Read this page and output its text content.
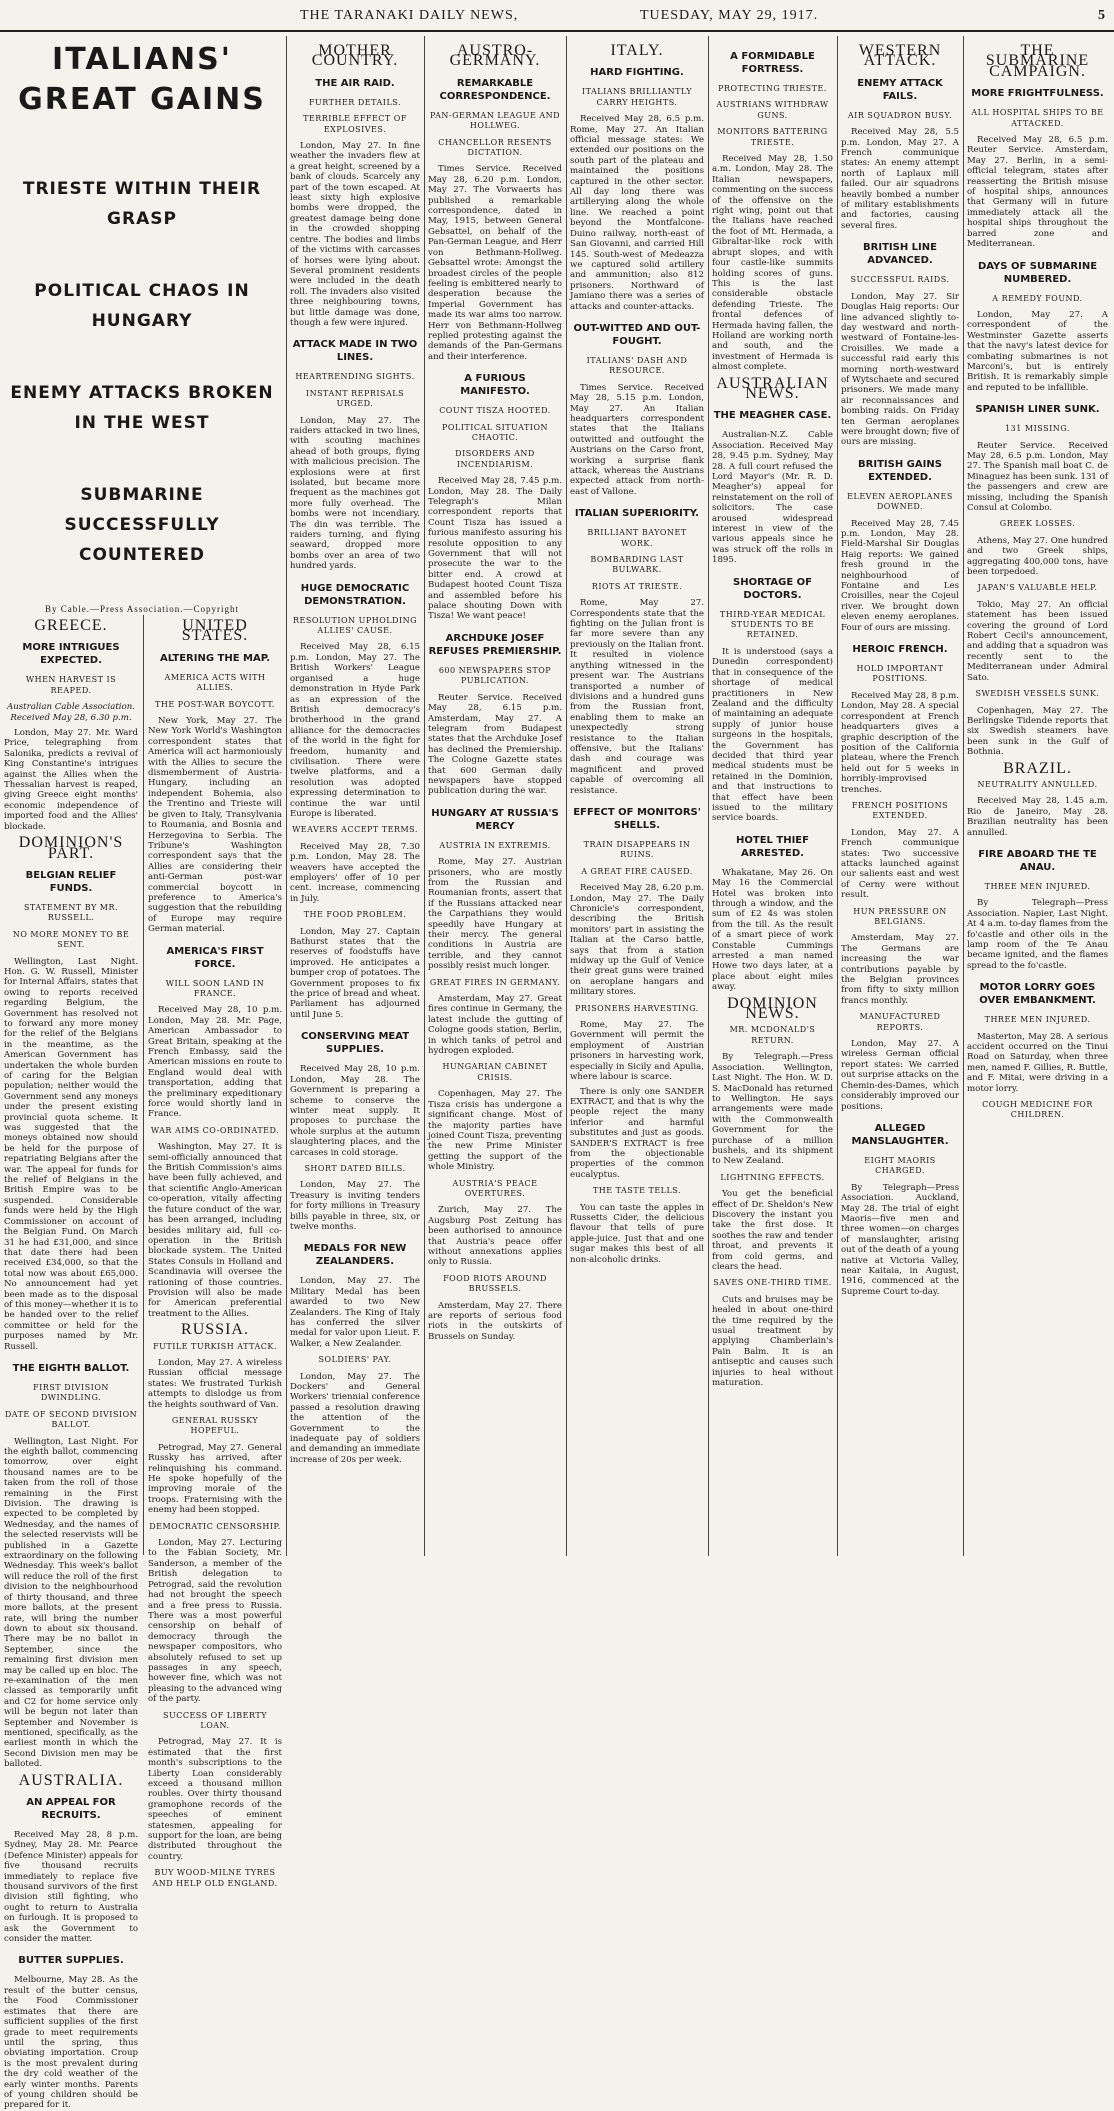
THE TARANAKI DAILY NEWS,	TUESDAY, MAY 29, 1917.	5
ITALIANS' GREAT GAINS
TRIESTE WITHIN THEIR GRASP
POLITICAL CHAOS IN HUNGARY
ENEMY ATTACKS BROKEN IN THE WEST
SUBMARINE SUCCESSFULLY COUNTERED
By Cable.—Press Association.—Copyright
GREECE.
MORE INTRIGUES EXPECTED.
WHEN HARVEST IS REAPED.
Australian Cable Association. Received May 28, 6.30 p.m.

London, May 27. Mr. Ward Price, telegraphing from Salonika, predicts a revival of King Constantine's intrigues against the Allies when the Thessalian harvest is reaped, giving Greece eight months' economic independence of imported food and the Allies' blockade.

DOMINION'S PART.
BELGIAN RELIEF FUNDS.
STATEMENT BY MR. RUSSELL.
NO MORE MONEY TO BE SENT.

Wellington, Last Night. Hon. G. W. Russell, Minister for Internal Affairs, states that owing to reports received regarding Belgium, the Government has resolved not to forward any more money for the relief of the Belgians in the meantime, as the American Government has undertaken the whole burden of caring for the Belgian population; neither would the Government send any moneys under the present existing provincial quota scheme. It was suggested that the moneys obtained now should be held for the purpose of repatriating Belgians after the war. The appeal for funds for the relief of Belgians in the British Empire was to be suspended. Considerable funds were held by the High Commissioner on account of the Belgian Fund. On March 31 he had £31,000, and since that date there had been received £34,000, so that the total now was about £65,000. No announcement had yet been made as to the disposal of this money—whether it is to be handed over to the relief committee or held for the purposes named by Mr. Russell.

THE EIGHTH BALLOT.
FIRST DIVISION DWINDLING.
DATE OF SECOND DIVISION BALLOT.

Wellington, Last Night. For the eighth ballot, commencing tomorrow, over eight thousand names are to be taken from the roll of those remaining in the First Division. The drawing is expected to be completed by Wednesday, and the names of the selected reservists will be published in a Gazette extraordinary on the following Wednesday. This week's ballot will reduce the roll of the first division to the neighbourhood of thirty thousand, and three more ballots, at the present rate, will bring the number down to about six thousand. There may be no ballot in September, since the remaining first division men may be called up en bloc. The re-examination of the men classed as temporarily unfit and C2 for home service only will be begun not later than September and November is mentioned, specifically, as the earliest month in which the Second Division men may be balloted.

AUSTRALIA.
AN APPEAL FOR RECRUITS.

Received May 28, 8 p.m. Sydney, May 28. Mr. Pearce (Defence Minister) appeals for five thousand recruits immediately to replace five thousand survivors of the first division still fighting, who ought to return to Australia on furlough. It is proposed to ask the Government to consider the matter.

BUTTER SUPPLIES.

Melbourne, May 28. As the result of the butter census, the Food Commissioner estimates that there are sufficient supplies of the first grade to meet requirements until the spring, thus obviating importation. Croup is the most prevalent during the dry cold weather of the early winter months. Parents of young children should be prepared for it.

UNITED STATES.
ALTERING THE MAP.
AMERICA ACTS WITH ALLIES.
THE POST-WAR BOYCOTT.

New York, May 27. The New York World's Washington correspondent states that America will act harmoniously with the Allies to secure the dismemberment of Austria-Hungary, including an independent Bohemia, also the Trentino and Trieste will be given to Italy, Transylvania to Roumania, and Bosnia and Herzegovina to Serbia. The Tribune's Washington correspondent says that the Allies are considering their anti-German post-war commercial boycott in preference to America's suggestion that the rebuilding of Europe may require German material.

AMERICA'S FIRST FORCE.
WILL SOON LAND IN FRANCE.

Received May 28, 10 p.m. London, May 28. Mr. Page, American Ambassador to Great Britain, speaking at the French Embassy, said the American missions en route to England would deal with transportation, adding that the preliminary expeditionary force would shortly land in France.

WAR AIMS CO-ORDINATED.

Washington, May 27. It is semi-officially announced that the British Commission's aims have been fully achieved, and that scientific Anglo-American co-operation, vitally affecting the future conduct of the war, has been arranged, including besides military aid, full co-operation in the British blockade system. The United States Consuls in Holland and Scandinavia will oversee the rationing of those countries. Provision will also be made for American preferential treatment to the Allies.

RUSSIA.
FUTILE TURKISH ATTACK.

London, May 27. A wireless Russian official message states: We frustrated Turkish attempts to dislodge us from the heights southward of Van.

GENERAL RUSSKY HOPEFUL.

Petrograd, May 27. General Russky has arrived, after relinquishing his command. He spoke hopefully of the improving morale of the troops. Fraternising with the enemy had been stopped.

DEMOCRATIC CENSORSHIP.

London, May 27. Lecturing to the Fabian Society, Mr. Sanderson, a member of the British delegation to Petrograd, said the revolution had not brought the speech and a free press to Russia. There was a most powerful censorship on behalf of democracy through the newspaper compositors, who absolutely refused to set up passages in any speech, however fine, which was not pleasing to the advanced wing of the party.

SUCCESS OF LIBERTY LOAN.

Petrograd, May 27. It is estimated that the first month's subscriptions to the Liberty Loan considerably exceed a thousand million roubles. Over thirty thousand gramophone records of the speeches of eminent statesmen, appealing for support for the loan, are being distributed throughout the country.

BUY WOOD-MILNE TYRES AND HELP OLD ENGLAND.
MOTHER COUNTRY.
THE AIR RAID.
FURTHER DETAILS.
TERRIBLE EFFECT OF EXPLOSIVES.

London, May 27. In fine weather the invaders flew at a great height, screened by a bank of clouds. Scarcely any part of the town escaped. At least sixty high explosive bombs were dropped, the greatest damage being done in the crowded shopping centre. The bodies and limbs of the victims with carcasses of horses were lying about. Several prominent residents were included in the death roll. The invaders also visited three neighbouring towns, but little damage was done, though a few were injured.

ATTACK MADE IN TWO LINES.
HEARTRENDING SIGHTS.
INSTANT REPRISALS URGED.

London, May 27. The raiders attacked in two lines, with scouting machines ahead of both groups, flying with malicious precision. The explosions were at first isolated, but became more frequent as the machines got more fully overhead. The bombs were not incendiary. The din was terrible. The raiders turning, and flying seaward, dropped more bombs over an area of two hundred yards.

HUGE DEMOCRATIC DEMONSTRATION.
RESOLUTION UPHOLDING ALLIES' CAUSE.

Received May 28, 6.15 p.m. London, May 27. The British Workers' League organised a huge demonstration in Hyde Park as an expression of the British democracy's brotherhood in the grand alliance for the democracies of the world in the fight for freedom, humanity and civilisation. There were twelve platforms, and a resolution was adopted expressing determination to continue the war until Europe is liberated.

WEAVERS ACCEPT TERMS.

Received May 28, 7.30 p.m. London, May 28. The weavers have accepted the employers' offer of 10 per cent. increase, commencing in July.

THE FOOD PROBLEM.

London, May 27. Captain Bathurst states that the reserves of foodstuffs have improved. He anticipates a bumper crop of potatoes. The Government proposes to fix the price of bread and wheat. Parliament has adjourned until June 5.

CONSERVING MEAT SUPPLIES.

Received May 28, 10 p.m. London, May 28. The Government is preparing a scheme to conserve the winter meat supply. It proposes to purchase the whole surplus at the autumn slaughtering places, and the carcases in cold storage.

SHORT DATED BILLS.

London, May 27. The Treasury is inviting tenders for forty millions in Treasury bills payable in three, six, or twelve months.

MEDALS FOR NEW ZEALANDERS.

London, May 27. The Military Medal has been awarded to two New Zealanders. The King of Italy has conferred the silver medal for valor upon Lieut. F. Walker, a New Zealander.

SOLDIERS' PAY.

London, May 27. The Dockers' and General Workers' triennial conference passed a resolution drawing the attention of the Government to the inadequate pay of soldiers and demanding an immediate increase of 20s per week.

AUSTRO-GERMANY.
REMARKABLE CORRESPONDENCE.
PAN-GERMAN LEAGUE AND HOLLWEG.
CHANCELLOR RESENTS DICTATION.

Times Service. Received May 28, 6.20 p.m. London, May 27. The Vorwaerts has published a remarkable correspondence, dated in May, 1915, between General Gebsattel, on behalf of the Pan-German League, and Herr von Bethmann-Hollweg. Gebsattel wrote: Amongst the broadest circles of the people feeling is embittered nearly to desperation because the Imperial Government has made its war aims too narrow. Herr von Bethmann-Hollweg replied protesting against the demands of the Pan-Germans and their interference.

A FURIOUS MANIFESTO.
COUNT TISZA HOOTED.
POLITICAL SITUATION CHAOTIC.
DISORDERS AND INCENDIARISM.

Received May 28, 7.45 p.m. London, May 28. The Daily Telegraph's Milan correspondent reports that Count Tisza has issued a furious manifesto assuring his resolute opposition to any Government that will not prosecute the war to the bitter end. A crowd at Budapest hooted Count Tisza and assembled before his palace shouting Down with Tisza! We want peace!

ARCHDUKE JOSEF REFUSES PREMIERSHIP.
600 NEWSPAPERS STOP PUBLICATION.

Reuter Service. Received May 28, 6.15 p.m. Amsterdam, May 27. A telegram from Budapest states that the Archduke Josef has declined the Premiership. The Cologne Gazette states that 600 German daily newspapers have stopped publication during the war.

HUNGARY AT RUSSIA'S MERCY
AUSTRIA IN EXTREMIS.

Rome, May 27. Austrian prisoners, who are mostly from the Russian and Roumanian fronts, assert that if the Russians attacked near the Carpathians they would speedily have Hungary at their mercy. The general conditions in Austria are terrible, and they cannot possibly resist much longer.

GREAT FIRES IN GERMANY.

Amsterdam, May 27. Great fires continue in Germany, the latest include the gutting of Cologne goods station, Berlin, in which tanks of petrol and hydrogen exploded.

HUNGARIAN CABINET CRISIS.

Copenhagen, May 27. The Tisza crisis has undergone a significant change. Most of the majority parties have joined Count Tisza, preventing the new Prime Minister getting the support of the whole Ministry.

AUSTRIA'S PEACE OVERTURES.

Zurich, May 27. The Augsburg Post Zeitung has been authorised to announce that Austria's peace offer without annexations applies only to Russia.

FOOD RIOTS AROUND BRUSSELS.

Amsterdam, May 27. There are reports of serious food riots in the outskirts of Brussels on Sunday.

ITALY.
HARD FIGHTING.
ITALIANS BRILLIANTLY CARRY HEIGHTS.

Received May 28, 6.5 p.m. Rome, May 27. An Italian official message states: We extended our positions on the south part of the plateau and maintained the positions captured in the other sector. All day long there was artillerying along the whole line. We reached a point beyond the Montfalcone-Duino railway, north-east of San Giovanni, and carried Hill 145. South-west of Medeazza we captured solid artillery and ammunition; also 812 prisoners. Northward of Jamiano there was a series of attacks and counter-attacks.

OUT-WITTED AND OUT-FOUGHT.
ITALIANS' DASH AND RESOURCE.

Times Service. Received May 28, 5.15 p.m. London, May 27. An Italian headquarters correspondent states that the Italians outwitted and outfought the Austrians on the Carso front, working a surprise flank attack, whereas the Austrians expected attack from north-east of Vallone.

ITALIAN SUPERIORITY.
BRILLIANT BAYONET WORK.
BOMBARDING LAST BULWARK.
RIOTS AT TRIESTE.

Rome, May 27. Correspondents state that the fighting on the Julian front is far more severe than any previously on the Italian front. It resulted in violence anything witnessed in the present war. The Austrians transported a number of divisions and a hundred guns from the Russian front, enabling them to make an unexpectedly strong resistance to the Italian offensive, but the Italians' dash and courage was magnificent and proved capable of overcoming all resistance.

EFFECT OF MONITORS' SHELLS.
TRAIN DISAPPEARS IN RUINS.
A GREAT FIRE CAUSED.

Received May 28, 6.20 p.m. London, May 27. The Daily Chronicle's correspondent, describing the British monitors' part in assisting the Italian at the Carso battle, says that from a station midway up the Gulf of Venice their great guns were trained on aeroplane hangars and military stores.

PRISONERS HARVESTING.

Rome, May 27. The Government will permit the employment of Austrian prisoners in harvesting work, especially in Sicily and Apulia, where labour is scarce.

There is only one SANDER EXTRACT, and that is why the people reject the many inferior and harmful substitutes and just as goods. SANDER'S EXTRACT is free from the objectionable properties of the common eucalyptus.

THE TASTE TELLS.

You can taste the apples in Russetts Cider, the delicious flavour that tells of pure apple-juice. Just that and one sugar makes this best of all non-alcoholic drinks.

A FORMIDABLE FORTRESS.
PROTECTING TRIESTE.
AUSTRIANS WITHDRAW GUNS.
MONITORS BATTERING TRIESTE.

Received May 28, 1.50 a.m. London, May 28. The Italian newspapers, commenting on the success of the offensive on the right wing, point out that the Italians have reached the foot of Mt. Hermada, a Gibraltar-like rock with abrupt slopes, and with four castle-like summits holding scores of guns. This is the last considerable obstacle defending Trieste. The frontal defences of Hermada having fallen, the Holland are working north and south, and the investment of Hermada is almost complete.

AUSTRALIAN NEWS.
THE MEAGHER CASE.

Australian-N.Z. Cable Association. Received May 28, 9.45 p.m. Sydney, May 28. A full court refused the Lord Mayor's (Mr. R. D. Meagher's) appeal for reinstatement on the roll of solicitors. The case aroused widespread interest in view of the various appeals since he was struck off the rolls in 1895.

SHORTAGE OF DOCTORS.
THIRD-YEAR MEDICAL STUDENTS TO BE RETAINED.

It is understood (says a Dunedin correspondent) that in consequence of the shortage of medical practitioners in New Zealand and the difficulty of maintaining an adequate supply of junior house surgeons in the hospitals, the Government has decided that third year medical students must be retained in the Dominion, and that instructions to that effect have been issued to the military service boards.

HOTEL THIEF ARRESTED.

Whakatane, May 26. On May 16 the Commercial Hotel was broken into through a window, and the sum of £2 4s was stolen from the till. As the result of a smart piece of work Constable Cummings arrested a man named Howe two days later, at a place about eight miles away.

DOMINION NEWS.
MR. MCDONALD'S RETURN.

By Telegraph.—Press Association. Wellington, Last Night. The Hon. W. D. S. MacDonald has returned to Wellington. He says arrangements were made with the Commonwealth Government for the purchase of a million bushels, and its shipment to New Zealand.

LIGHTNING EFFECTS.

You get the beneficial effect of Dr. Sheldon's New Discovery the instant you take the first dose. It soothes the raw and tender throat, and prevents it from cold germs, and clears the head.

SAVES ONE-THIRD TIME.

Cuts and bruises may be healed in about one-third the time required by the usual treatment by applying Chamberlain's Pain Balm. It is an antiseptic and causes such injuries to heal without maturation.

WESTERN ATTACK.
ENEMY ATTACK FAILS.
AIR SQUADRON BUSY.

Received May 28, 5.5 p.m. London, May 27. A French communique states: An enemy attempt north of Laplaux mill failed. Our air squadrons heavily bombed a number of military establishments and factories, causing several fires.

BRITISH LINE ADVANCED.
SUCCESSFUL RAIDS.

London, May 27. Sir Douglas Haig reports: Our line advanced slightly to-day westward and north-westward of Fontaine-les-Croisilles. We made a successful raid early this morning north-westward of Wytschaete and secured prisoners. We made many air reconnaissances and bombing raids. On Friday ten German aeroplanes were brought down; five of ours are missing.

BRITISH GAINS EXTENDED.
ELEVEN AEROPLANES DOWNED.

Received May 28, 7.45 p.m. London, May 28. Field-Marshal Sir Douglas Haig reports: We gained fresh ground in the neighbourhood of Fontaine and Les Croisilles, near the Cojeul river. We brought down eleven enemy aeroplanes. Four of ours are missing.

HEROIC FRENCH.
HOLD IMPORTANT POSITIONS.

Received May 28, 8 p.m. London, May 28. A special correspondent at French headquarters gives a graphic description of the position of the California plateau, where the French held out for 5 weeks in horribly-improvised trenches.

FRENCH POSITIONS EXTENDED.

London, May 27. A French communique states: Two successive attacks launched against our salients east and west of Cerny were without result.

HUN PRESSURE ON BELGIANS.

Amsterdam, May 27. The Germans are increasing the war contributions payable by the Belgian provinces from fifty to sixty million francs monthly.

MANUFACTURED REPORTS.

London, May 27. A wireless German official report states: We carried out surprise attacks on the Chemin-des-Dames, which considerably improved our positions.

ALLEGED MANSLAUGHTER.
EIGHT MAORIS CHARGED.

By Telegraph—Press Association. Auckland, May 28. The trial of eight Maoris—five men and three women—on charges of manslaughter, arising out of the death of a young native at Victoria Valley, near Kaitaia, in August, 1916, commenced at the Supreme Court to-day.

THE SUBMARINE CAMPAIGN.
MORE FRIGHTFULNESS.
ALL HOSPITAL SHIPS TO BE ATTACKED.

Received May 28, 6.5 p.m. Reuter Service. Amsterdam, May 27. Berlin, in a semi-official telegram, states after reasserting the British misuse of hospital ships, announces that Germany will in future immediately attack all the hospital ships throughout the barred zone and Mediterranean.

DAYS OF SUBMARINE NUMBERED.
A REMEDY FOUND.

London, May 27. A correspondent of the Westminster Gazette asserts that the navy's latest device for combating submarines is not Marconi's, but is entirely British. It is remarkably simple and reputed to be infallible.

SPANISH LINER SUNK.
131 MISSING.

Reuter Service. Received May 28, 6.5 p.m. London, May 27. The Spanish mail boat C. de Minaguez has been sunk. 131 of the passengers and crew are missing, including the Spanish Consul at Colombo.

GREEK LOSSES.

Athens, May 27. One hundred and two Greek ships, aggregating 400,000 tons, have been torpedoed.

JAPAN'S VALUABLE HELP.

Tokio, May 27. An official statement has been issued covering the ground of Lord Robert Cecil's announcement, and adding that a squadron was recently sent to the Mediterranean under Admiral Sato.

SWEDISH VESSELS SUNK.

Copenhagen, May 27. The Berlingske Tidende reports that six Swedish steamers have been sunk in the Gulf of Bothnia.

BRAZIL.
NEUTRALITY ANNULLED.

Received May 28, 1.45 a.m. Rio de Janeiro, May 28. Brazilian neutrality has been annulled.

FIRE ABOARD THE TE ANAU.
THREE MEN INJURED.

By Telegraph—Press Association. Napier, Last Night. At 4 a.m. to-day flames from the fo'castle and other oils in the lamp room of the Te Anau became ignited, and the flames spread to the fo'castle.

MOTOR LORRY GOES OVER EMBANKMENT.
THREE MEN INJURED.

Masterton, May 28. A serious accident occurred on the Tinui Road on Saturday, when three men, named F. Gillies, R. Buttle, and F. Mitai, were driving in a motor lorry.

COUGH MEDICINE FOR CHILDREN.
